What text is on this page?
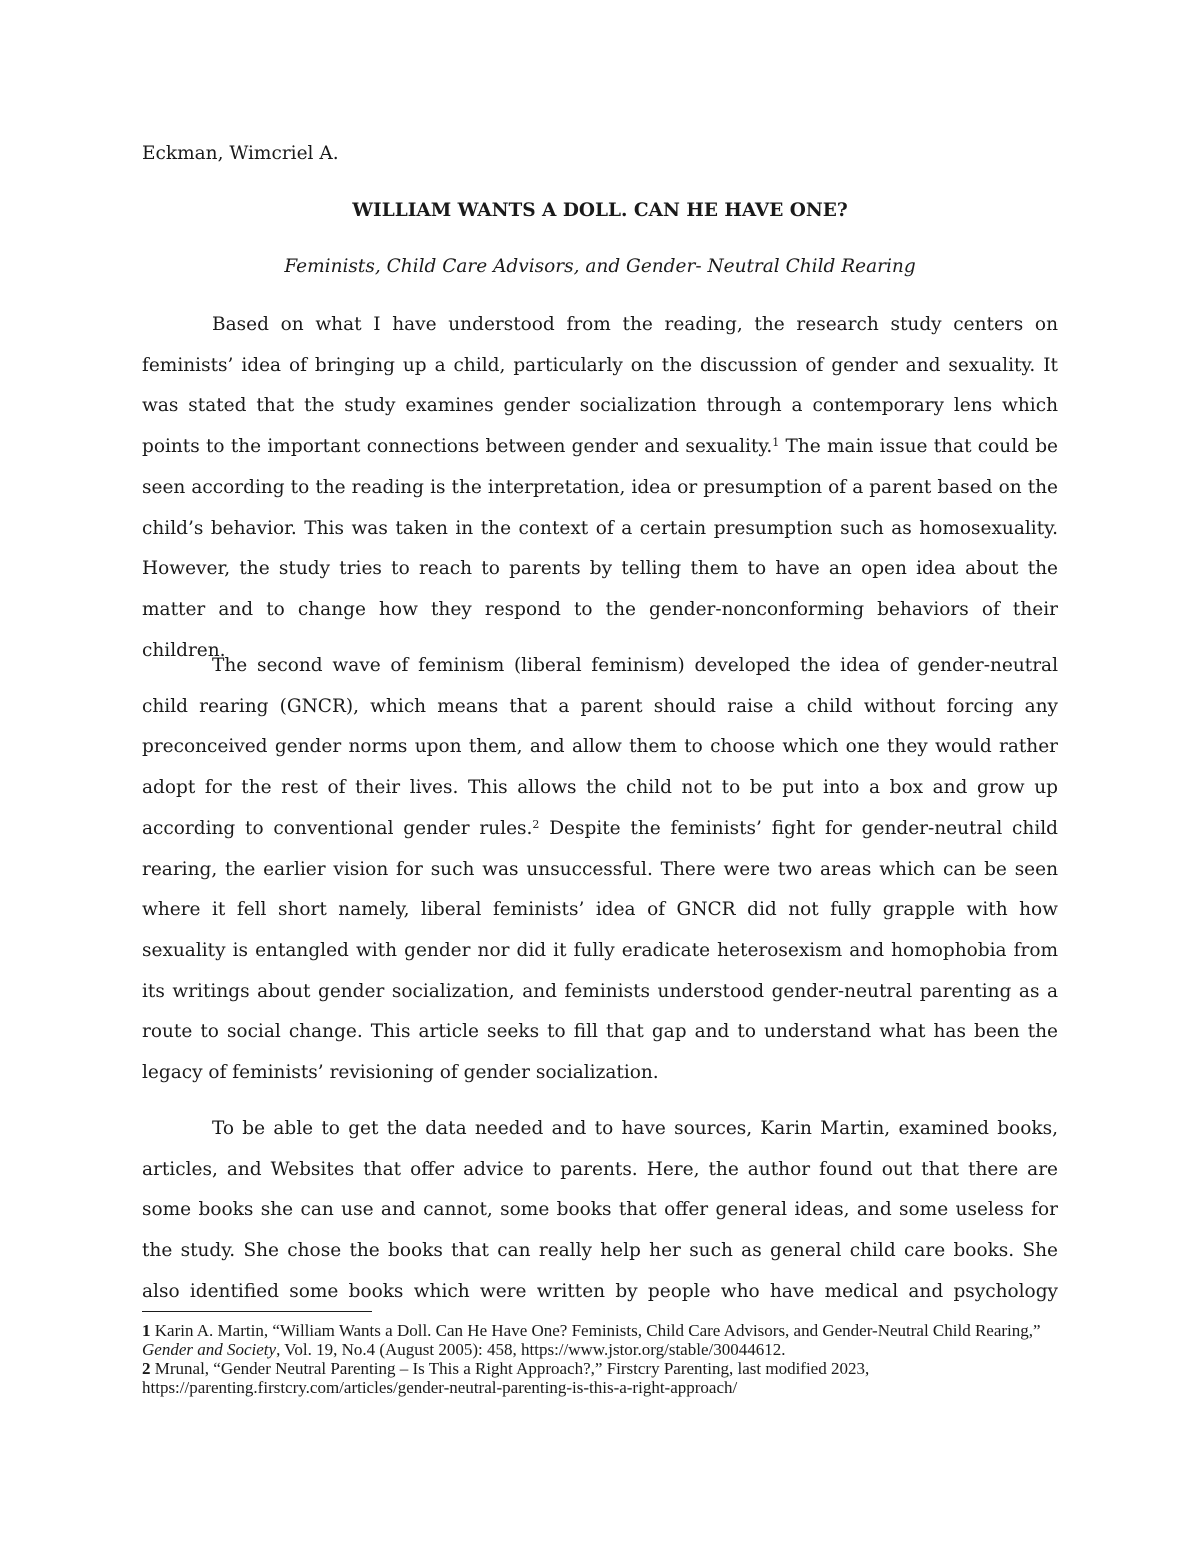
Eckman, Wimcriel A.
WILLIAM WANTS A DOLL. CAN HE HAVE ONE?
Feminists, Child Care Advisors, and Gender- Neutral Child Rearing

Based on what I have understood from the reading, the research study centers on feminists’ idea of bringing up a child, particularly on the discussion of gender and sexuality. It was stated that the study examines gender socialization through a contemporary lens which points to the important connections between gender and sexuality.$^1$ The main issue that could be seen according to the reading is the interpretation, idea or presumption of a parent based on the child’s behavior. This was taken in the context of a certain presumption such as homosexuality. However, the study tries to reach to parents by telling them to have an open idea about the matter and to change how they respond to the gender-nonconforming behaviors of their children.

The second wave of feminism (liberal feminism) developed the idea of gender-neutral child rearing (GNCR), which means that a parent should raise a child without forcing any preconceived gender norms upon them, and allow them to choose which one they would rather adopt for the rest of their lives. This allows the child not to be put into a box and grow up according to conventional gender rules.$^2$ Despite the feminists’ fight for gender-neutral child rearing, the earlier vision for such was unsuccessful. There were two areas which can be seen where it fell short namely, liberal feminists’ idea of GNCR did not fully grapple with how sexuality is entangled with gender nor did it fully eradicate heterosexism and homophobia from its writings about gender socialization, and feminists understood gender-neutral parenting as a route to social change. This article seeks to fill that gap and to understand what has been the legacy of feminists’ revisioning of gender socialization.

To be able to get the data needed and to have sources, Karin Martin, examined books, articles, and Websites that offer advice to parents. Here, the author found out that there are some books she can use and cannot, some books that offer general ideas, and some useless for the study. She chose the books that can really help her such as general child care books. She also identified some books which were written by people who have medical and psychology

1 Karin A. Martin, “William Wants a Doll. Can He Have One? Feminists, Child Care Advisors, and Gender-Neutral Child Rearing,” Gender and Society, Vol. 19, No.4 (August 2005): 458, https://www.jstor.org/stable/30044612.

2 Mrunal, “Gender Neutral Parenting – Is This a Right Approach?,” Firstcry Parenting, last modified 2023, https://parenting.firstcry.com/articles/gender-neutral-parenting-is-this-a-right-approach/
